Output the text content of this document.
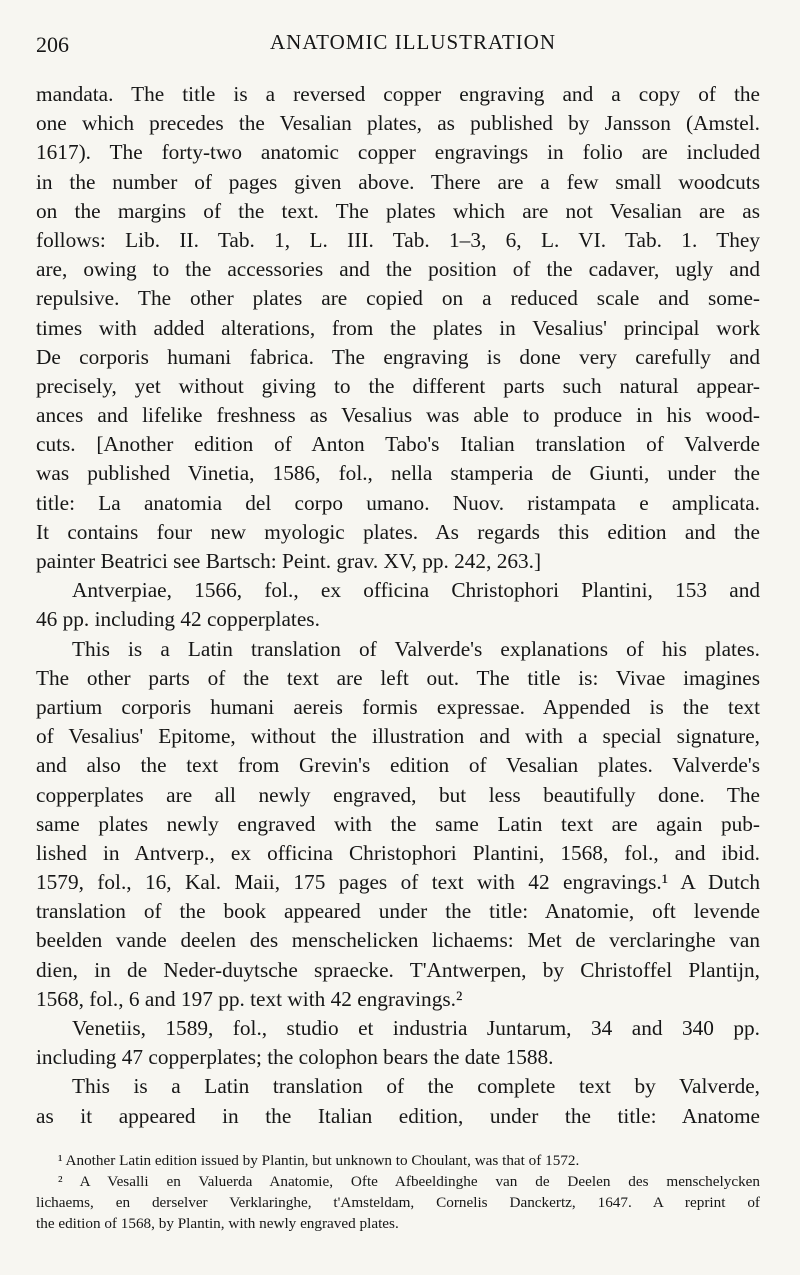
206	ANATOMIC ILLUSTRATION
mandata. The title is a reversed copper engraving and a copy of the
one which precedes the Vesalian plates, as published by Jansson (Amstel.
1617). The forty-two anatomic copper engravings in folio are included
in the number of pages given above. There are a few small woodcuts
on the margins of the text. The plates which are not Vesalian are as
follows: Lib. II. Tab. 1, L. III. Tab. 1–3, 6, L. VI. Tab. 1. They
are, owing to the accessories and the position of the cadaver, ugly and
repulsive. The other plates are copied on a reduced scale and some-
times with added alterations, from the plates in Vesalius' principal work
De corporis humani fabrica. The engraving is done very carefully and
precisely, yet without giving to the different parts such natural appear-
ances and lifelike freshness as Vesalius was able to produce in his wood-
cuts. [Another edition of Anton Tabo's Italian translation of Valverde
was published Vinetia, 1586, fol., nella stamperia de Giunti, under the
title: La anatomia del corpo umano. Nuov. ristampata e amplicata.
It contains four new myologic plates. As regards this edition and the
painter Beatrici see Bartsch: Peint. grav. XV, pp. 242, 263.]
Antverpiae, 1566, fol., ex officina Christophori Plantini, 153 and
46 pp. including 42 copperplates.
This is a Latin translation of Valverde's explanations of his plates.
The other parts of the text are left out. The title is: Vivae imagines
partium corporis humani aereis formis expressae. Appended is the text
of Vesalius' Epitome, without the illustration and with a special signature,
and also the text from Grevin's edition of Vesalian plates. Valverde's
copperplates are all newly engraved, but less beautifully done. The
same plates newly engraved with the same Latin text are again pub-
lished in Antverp., ex officina Christophori Plantini, 1568, fol., and ibid.
1579, fol., 16, Kal. Maii, 175 pages of text with 42 engravings.¹ A Dutch
translation of the book appeared under the title: Anatomie, oft levende
beelden vande deelen des menschelicken lichaems: Met de verclaringhe van
dien, in de Neder-duytsche spraecke. T'Antwerpen, by Christoffel Plantijn,
1568, fol., 6 and 197 pp. text with 42 engravings.²
Venetiis, 1589, fol., studio et industria Juntarum, 34 and 340 pp.
including 47 copperplates; the colophon bears the date 1588.
This is a Latin translation of the complete text by Valverde,
as it appeared in the Italian edition, under the title: Anatome
¹ Another Latin edition issued by Plantin, but unknown to Choulant, was that of 1572.
² A Vesalli en Valuerda Anatomie, Ofte Afbeeldinghe van de Deelen des menschelycken
lichaems, en derselver Verklaringhe, t'Amsteldam, Cornelis Danckertz, 1647. A reprint of
the edition of 1568, by Plantin, with newly engraved plates.
